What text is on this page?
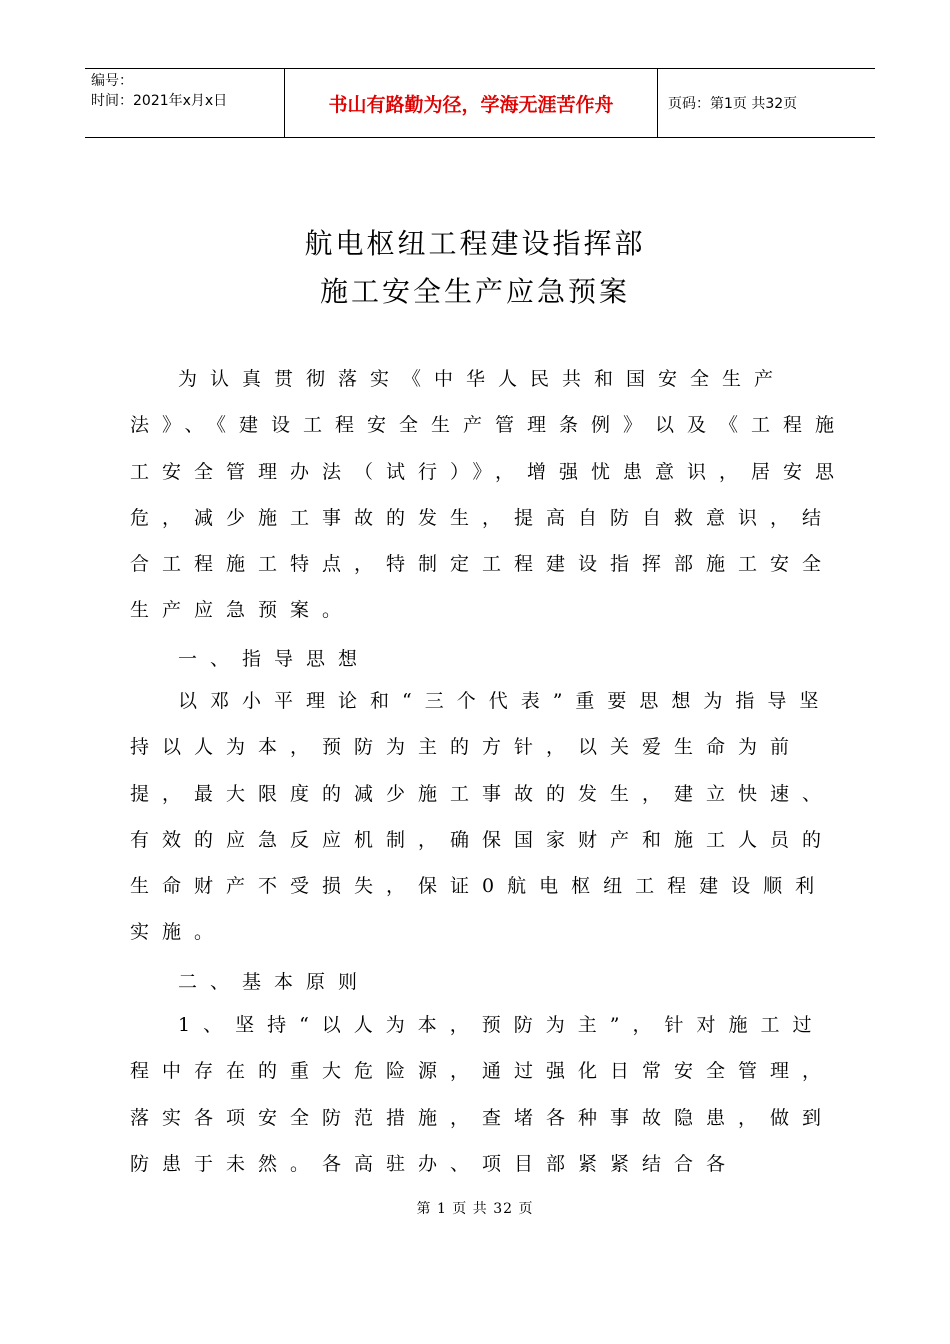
编号：
时间：2021年x月x日	书山有路勤为径，学海无涯苦作舟	页码：第1页 共32页
航电枢纽工程建设指挥部
施工安全生产应急预案
为认真贯彻落实《中华人民共和国安全生产法》、《建设工程安全生产管理条例》以及《工程施工安全管理办法（试行）》，增强忧患意识，居安思危，减少施工事故的发生，提高自防自救意识，结合工程施工特点，特制定工程建设指挥部施工安全生产应急预案。
一、指导思想
以邓小平理论和“三个代表”重要思想为指导坚持以人为本，预防为主的方针，以关爱生命为前提，最大限度的减少施工事故的发生，建立快速、有效的应急反应机制，确保国家财产和施工人员的生命财产不受损失，保证0航电枢纽工程建设顺利实施。
二、基本原则
1、坚持“以人为本，预防为主”，针对施工过程中存在的重大危险源，通过强化日常安全管理，落实各项安全防范措施，查堵各种事故隐患，做到防患于未然。各高驻办、项目部紧紧结合各
第 1 页 共 32 页
